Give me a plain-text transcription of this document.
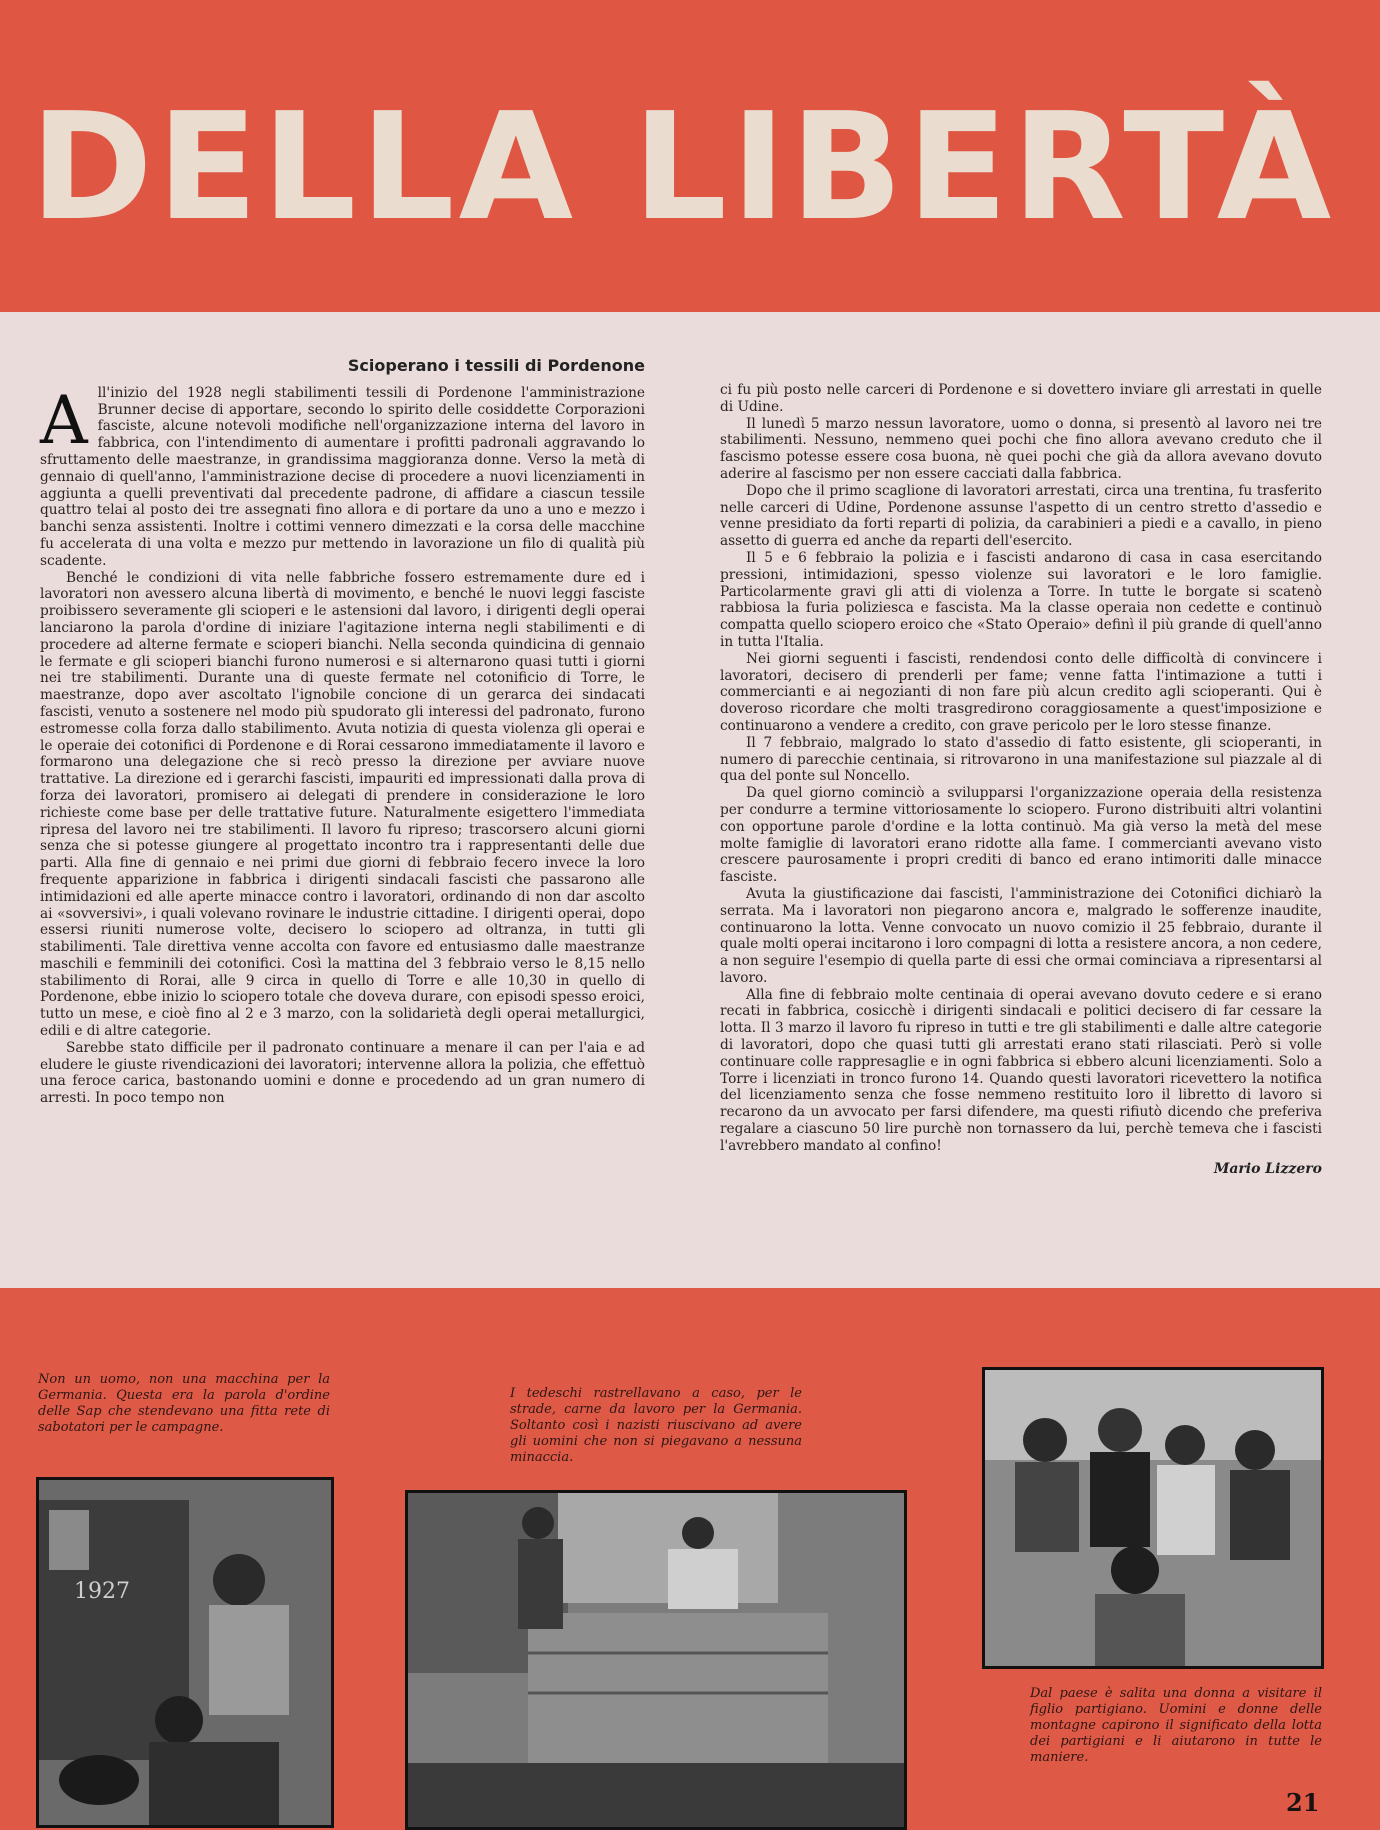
DELLA LIBERTÀ
Scioperano i tessili di Pordenone
A ll'inizio del 1928 negli stabilimenti tessili di Pordenone l'amministrazione Brunner decise di apportare, secondo lo spirito delle cosiddette Corporazioni fasciste, alcune notevoli modifiche nell'organizzazione interna del lavoro in fabbrica, con l'intendimento di aumentare i profitti padronali aggravando lo sfruttamento delle maestranze, in grandissima maggioranza donne. Verso la metà di gennaio di quell'anno, l'amministrazione decise di procedere a nuovi licenziamenti in aggiunta a quelli preventivati dal precedente padrone, di affidare a ciascun tessile quattro telai al posto dei tre assegnati fino allora e di portare da uno a uno e mezzo i banchi senza assistenti. Inoltre i cottimi vennero dimezzati e la corsa delle macchine fu accelerata di una volta e mezzo pur mettendo in lavorazione un filo di qualità più scadente.

Benché le condizioni di vita nelle fabbriche fossero estremamente dure ed i lavoratori non avessero alcuna libertà di movimento, e benché le nuovi leggi fasciste proibissero severamente gli scioperi e le astensioni dal lavoro, i dirigenti degli operai lanciarono la parola d'ordine di iniziare l'agitazione interna negli stabilimenti e di procedere ad alterne fermate e scioperi bianchi. Nella seconda quindicina di gennaio le fermate e gli scioperi bianchi furono numerosi e si alternarono quasi tutti i giorni nei tre stabilimenti. Durante una di queste fermate nel cotonificio di Torre, le maestranze, dopo aver ascoltato l'ignobile concione di un gerarca dei sindacati fascisti, venuto a sostenere nel modo più spudorato gli interessi del padronato, furono estromesse colla forza dallo stabilimento. Avuta notizia di questa violenza gli operai e le operaie dei cotonifici di Pordenone e di Rorai cessarono immediatamente il lavoro e formarono una delegazione che si recò presso la direzione per avviare nuove trattative. La direzione ed i gerarchi fascisti, impauriti ed impressionati dalla prova di forza dei lavoratori, promisero ai delegati di prendere in considerazione le loro richieste come base per delle trattative future. Naturalmente esigettero l'immediata ripresa del lavoro nei tre stabilimenti. Il lavoro fu ripreso; trascorsero alcuni giorni senza che si potesse giungere al progettato incontro tra i rappresentanti delle due parti. Alla fine di gennaio e nei primi due giorni di febbraio fecero invece la loro frequente apparizione in fabbrica i dirigenti sindacali fascisti che passarono alle intimidazioni ed alle aperte minacce contro i lavoratori, ordinando di non dar ascolto ai «sovversivi», i quali volevano rovinare le industrie cittadine. I dirigenti operai, dopo essersi riuniti numerose volte, decisero lo sciopero ad oltranza, in tutti gli stabilimenti. Tale direttiva venne accolta con favore ed entusiasmo dalle maestranze maschili e femminili dei cotonifici. Così la mattina del 3 febbraio verso le 8,15 nello stabilimento di Rorai, alle 9 circa in quello di Torre e alle 10,30 in quello di Pordenone, ebbe inizio lo sciopero totale che doveva durare, con episodi spesso eroici, tutto un mese, e cioè fino al 2 e 3 marzo, con la solidarietà degli operai metallurgici, edili e di altre categorie.

Sarebbe stato difficile per il padronato continuare a menare il can per l'aia e ad eludere le giuste rivendicazioni dei lavoratori; intervenne allora la polizia, che effettuò una feroce carica, bastonando uomini e donne e procedendo ad un gran numero di arresti. In poco tempo non

ci fu più posto nelle carceri di Pordenone e si dovettero inviare gli arrestati in quelle di Udine.

Il lunedì 5 marzo nessun lavoratore, uomo o donna, si presentò al lavoro nei tre stabilimenti. Nessuno, nemmeno quei pochi che fino allora avevano creduto che il fascismo potesse essere cosa buona, nè quei pochi che già da allora avevano dovuto aderire al fascismo per non essere cacciati dalla fabbrica.

Dopo che il primo scaglione di lavoratori arrestati, circa una trentina, fu trasferito nelle carceri di Udine, Pordenone assunse l'aspetto di un centro stretto d'assedio e venne presidiato da forti reparti di polizia, da carabinieri a piedi e a cavallo, in pieno assetto di guerra ed anche da reparti dell'esercito.

Il 5 e 6 febbraio la polizia e i fascisti andarono di casa in casa esercitando pressioni, intimidazioni, spesso violenze sui lavoratori e le loro famiglie. Particolarmente gravi gli atti di violenza a Torre. In tutte le borgate si scatenò rabbiosa la furia poliziesca e fascista. Ma la classe operaia non cedette e continuò compatta quello sciopero eroico che «Stato Operaio» definì il più grande di quell'anno in tutta l'Italia.

Nei giorni seguenti i fascisti, rendendosi conto delle difficoltà di convincere i lavoratori, decisero di prenderli per fame; venne fatta l'intimazione a tutti i commercianti e ai negozianti di non fare più alcun credito agli scioperanti. Qui è doveroso ricordare che molti trasgredirono coraggiosamente a quest'imposizione e continuarono a vendere a credito, con grave pericolo per le loro stesse finanze.

Il 7 febbraio, malgrado lo stato d'assedio di fatto esistente, gli scioperanti, in numero di parecchie centinaia, si ritrovarono in una manifestazione sul piazzale al di qua del ponte sul Noncello.

Da quel giorno cominciò a svilupparsi l'organizzazione operaia della resistenza per condurre a termine vittoriosamente lo sciopero. Furono distribuiti altri volantini con opportune parole d'ordine e la lotta continuò. Ma già verso la metà del mese molte famiglie di lavoratori erano ridotte alla fame. I commercianti avevano visto crescere paurosamente i propri crediti di banco ed erano intimoriti dalle minacce fasciste.

Avuta la giustificazione dai fascisti, l'amministrazione dei Cotonifici dichiarò la serrata. Ma i lavoratori non piegarono ancora e, malgrado le sofferenze inaudite, continuarono la lotta. Venne convocato un nuovo comizio il 25 febbraio, durante il quale molti operai incitarono i loro compagni di lotta a resistere ancora, a non cedere, a non seguire l'esempio di quella parte di essi che ormai cominciava a ripresentarsi al lavoro.

Alla fine di febbraio molte centinaia di operai avevano dovuto cedere e si erano recati in fabbrica, cosicchè i dirigenti sindacali e politici decisero di far cessare la lotta. Il 3 marzo il lavoro fu ripreso in tutti e tre gli stabilimenti e dalle altre categorie di lavoratori, dopo che quasi tutti gli arrestati erano stati rilasciati. Però si volle continuare colle rappresaglie e in ogni fabbrica si ebbero alcuni licenziamenti. Solo a Torre i licenziati in tronco furono 14. Quando questi lavoratori ricevettero la notifica del licenziamento senza che fosse nemmeno restituito loro il libretto di lavoro si recarono da un avvocato per farsi difendere, ma questi rifiutò dicendo che preferiva regalare a ciascuno 50 lire purchè non tornassero da lui, perchè temeva che i fascisti l'avrebbero mandato al confino!

Mario Lizzero
Non un uomo, non una macchina per la Germania. Questa era la parola d'ordine delle Sap che stendevano una fitta rete di sabotatori per le campagne.
I tedeschi rastrellavano a caso, per le strade, carne da lavoro per la Germania. Soltanto così i nazisti riuscivano ad avere gli uomini che non si piegavano a nessuna minaccia.
1927
Dal paese è salita una donna a visitare il figlio partigiano. Uomini e donne delle montagne capirono il significato della lotta dei partigiani e li aiutarono in tutte le maniere.
21
